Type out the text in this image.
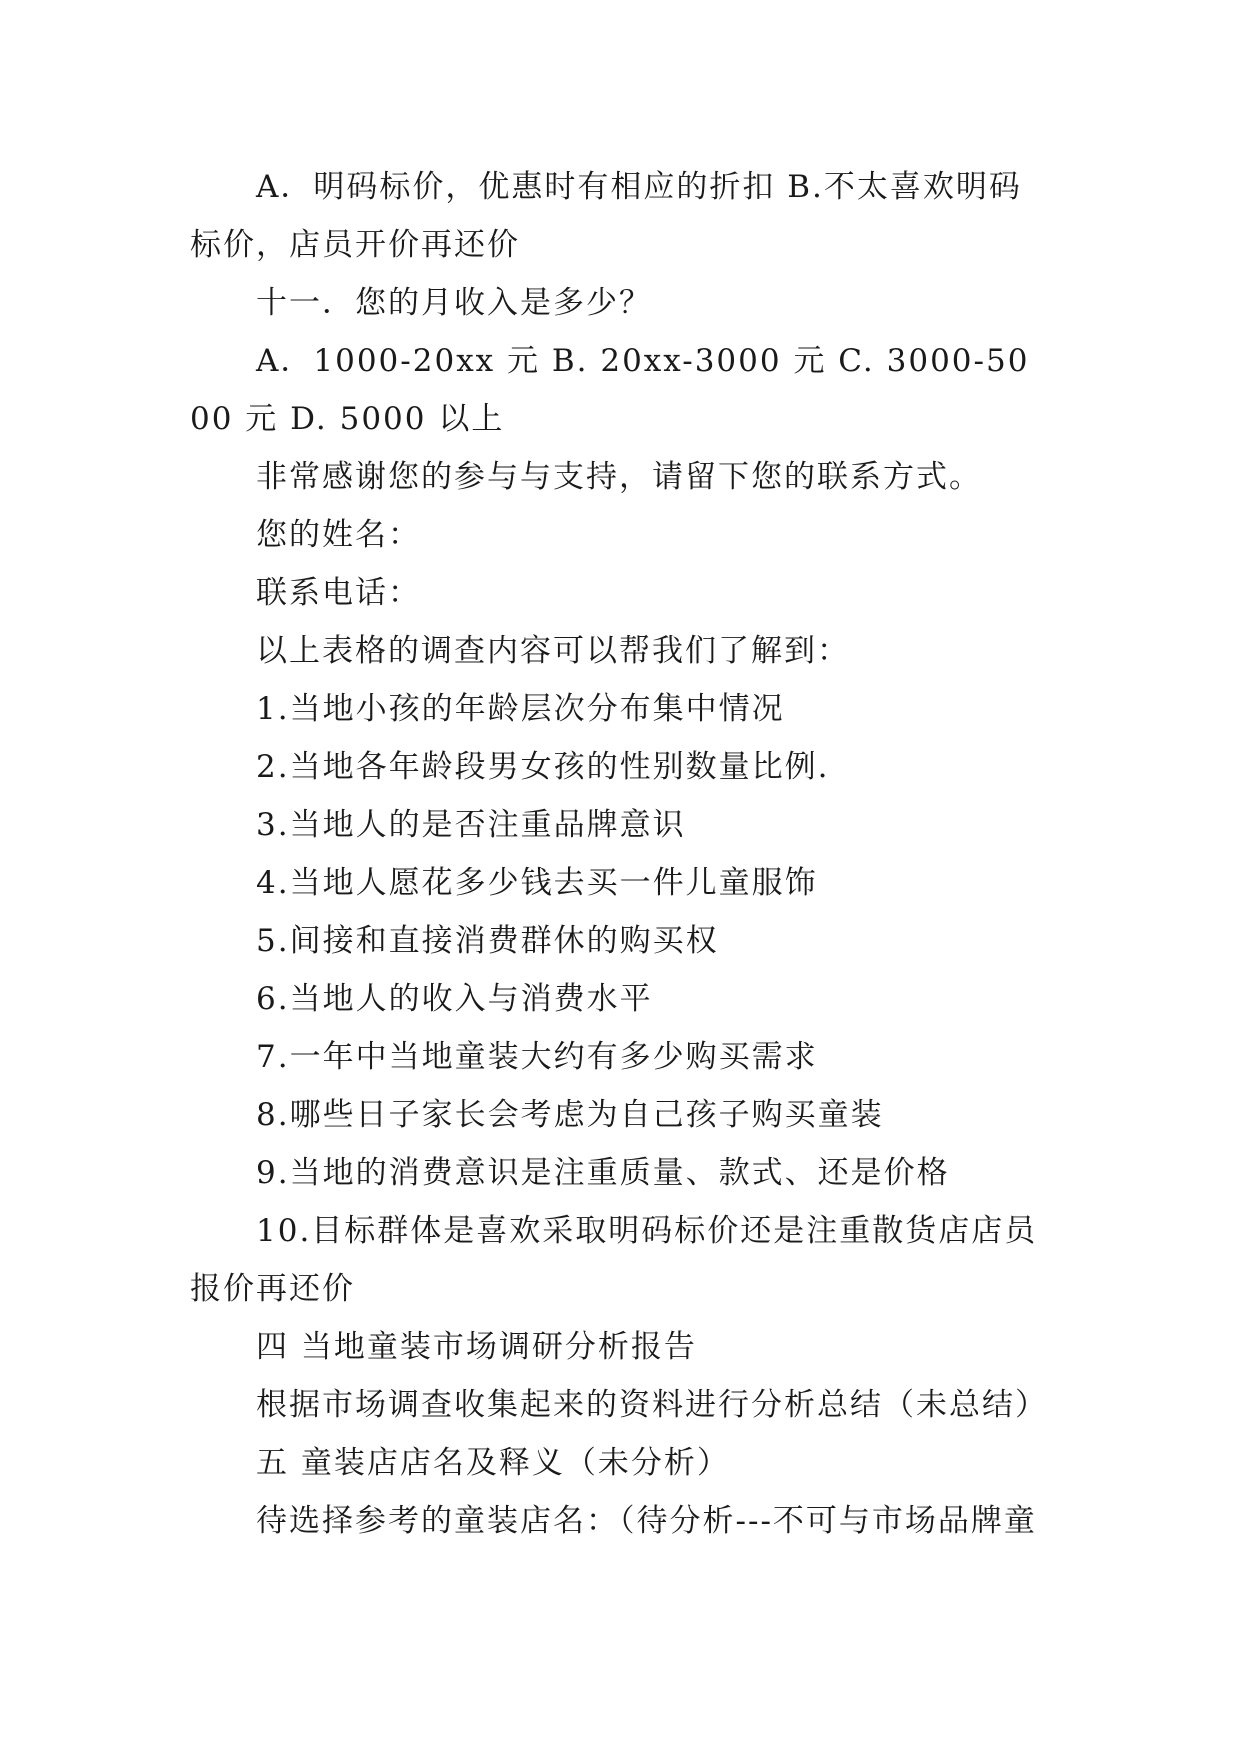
A．明码标价，优惠时有相应的折扣 B.不太喜欢明码标价，店员开价再还价

十一．您的月收入是多少？

A．1000-20xx 元 B. 20xx-3000 元 C. 3000-5000 元 D. 5000 以上

非常感谢您的参与与支持，请留下您的联系方式。

您的姓名：

联系电话：

以上表格的调查内容可以帮我们了解到：

1.当地小孩的年龄层次分布集中情况

2.当地各年龄段男女孩的性别数量比例.

3.当地人的是否注重品牌意识

4.当地人愿花多少钱去买一件儿童服饰

5.间接和直接消费群休的购买权

6.当地人的收入与消费水平

7.一年中当地童装大约有多少购买需求

8.哪些日子家长会考虑为自己孩子购买童装

9.当地的消费意识是注重质量、款式、还是价格

10.目标群体是喜欢采取明码标价还是注重散货店店员报价再还价

四 当地童装市场调研分析报告

根据市场调查收集起来的资料进行分析总结（未总结）

五 童装店店名及释义（未分析）

待选择参考的童装店名：（待分析---不可与市场品牌童
